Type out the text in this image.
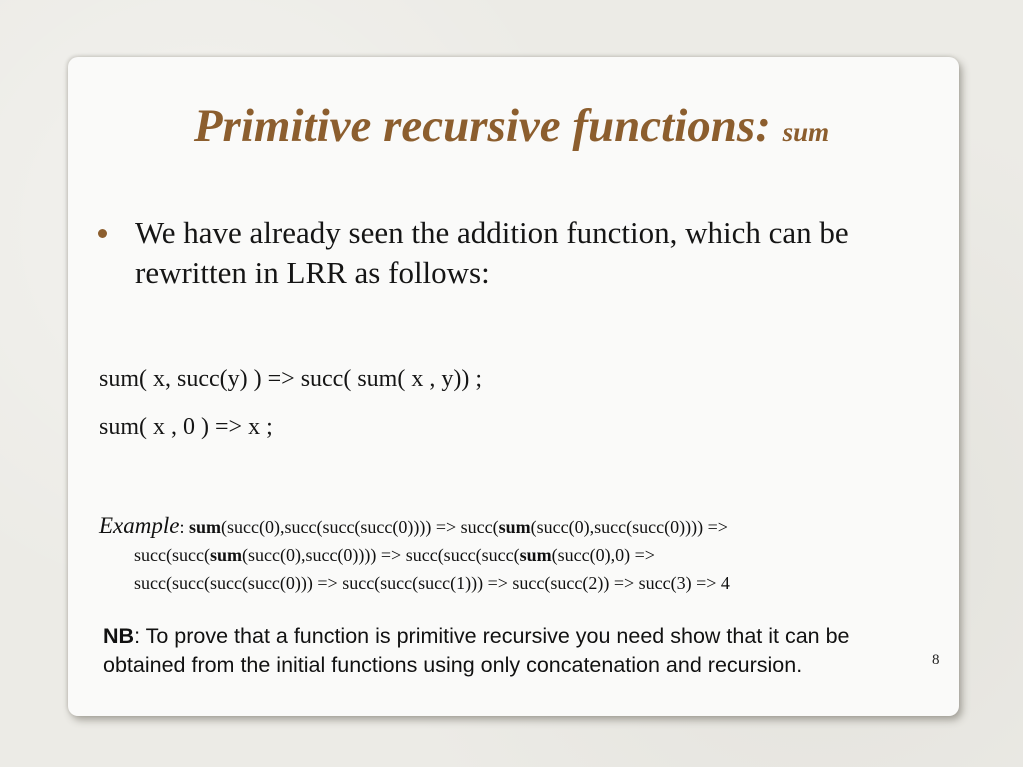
Primitive recursive functions: sum
We have already seen the addition function, which can be rewritten in LRR as follows:
sum( x, succ(y) ) => succ( sum( x , y)) ;
sum( x , 0 ) => x ;
Example: sum(succ(0),succ(succ(succ(0)))) => succ(sum(succ(0),succ(succ(0)))) =>
succ(succ(sum(succ(0),succ(0)))) => succ(succ(succ(sum(succ(0),0) =>
succ(succ(succ(succ(0))) => succ(succ(succ(1))) => succ(succ(2)) => succ(3) => 4
NB: To prove that a function is primitive recursive you need show that it can be obtained from the initial functions using only concatenation and recursion.	8
